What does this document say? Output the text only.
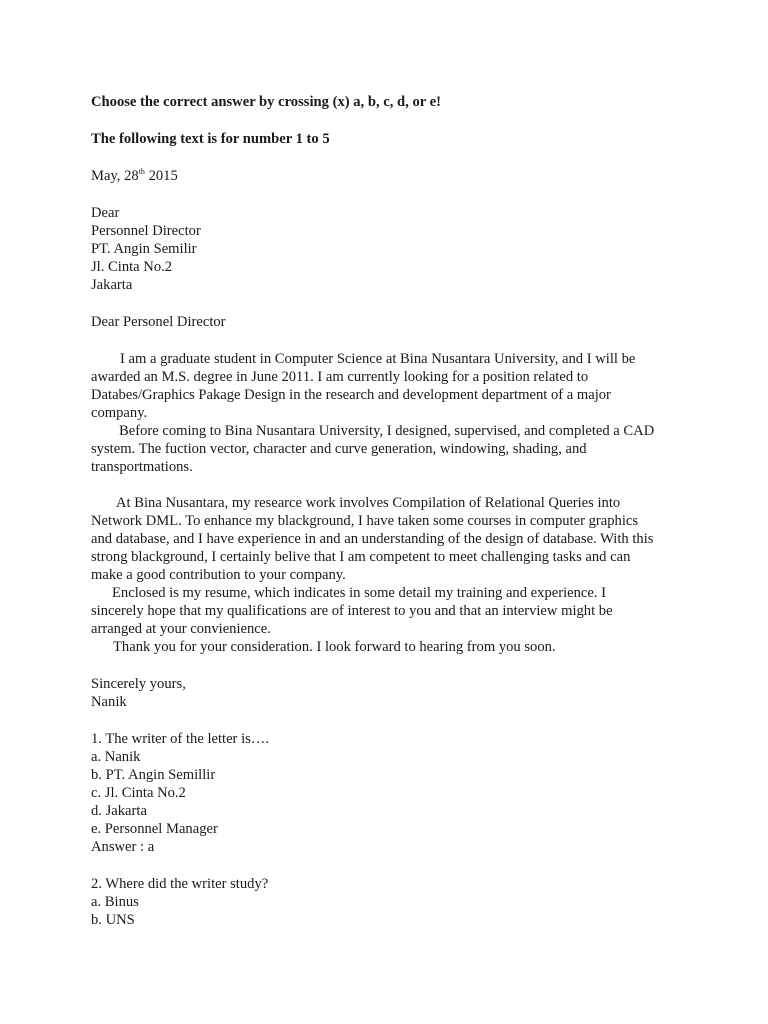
Choose the correct answer by crossing (x) a, b, c, d, or e!
The following text is for number 1 to 5
May, 28th 2015
Dear
Personnel Director
PT. Angin Semilir
Jl. Cinta No.2
Jakarta
Dear Personel Director
I am a graduate student in Computer Science at Bina Nusantara University, and I will be
awarded an M.S. degree in June 2011. I am currently looking for a position related to
Databes/Graphics Pakage Design in the research and development department of a major
company.
Before coming to Bina Nusantara University, I designed, supervised, and completed a CAD
system. The fuction vector, character and curve generation, windowing, shading, and
transportmations.
At Bina Nusantara, my researce work involves Compilation of Relational Queries into
Network DML. To enhance my blackground, I have taken some courses in computer graphics
and database, and I have experience in and an understanding of the design of database. With this
strong blackground, I certainly belive that I am competent to meet challenging tasks and can
make a good contribution to your company.
Enclosed is my resume, which indicates in some detail my training and experience. I
sincerely hope that my qualifications are of interest to you and that an interview might be
arranged at your convienience.
Thank you for your consideration. I look forward to hearing from you soon.
Sincerely yours,
Nanik
1. The writer of the letter is….
a. Nanik
b. PT. Angin Semillir
c. Jl. Cinta No.2
d. Jakarta
e. Personnel Manager
Answer : a
2. Where did the writer study?
a. Binus
b. UNS
